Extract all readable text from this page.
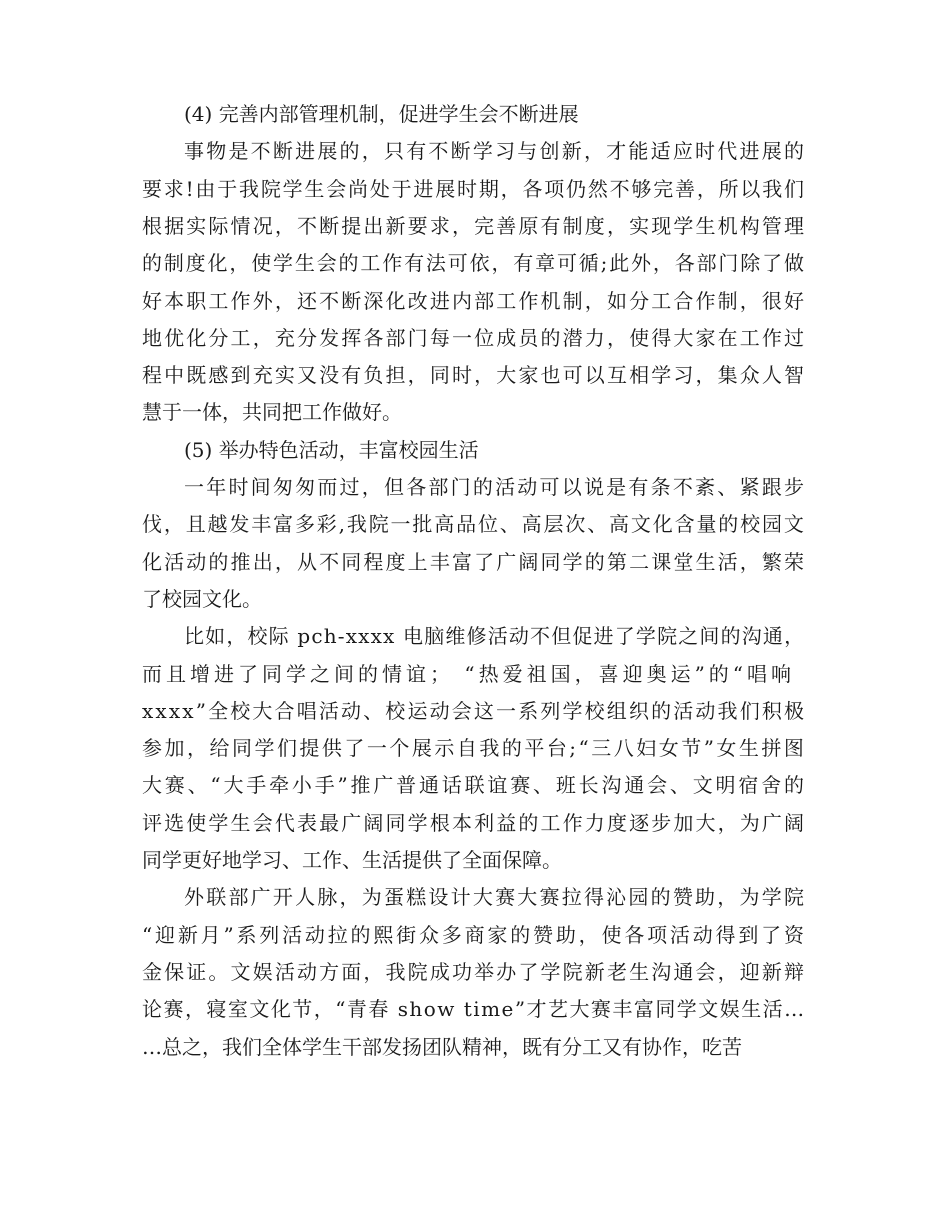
(4) 完善内部管理机制，促进学生会不断进展
事物是不断进展的，只有不断学习与创新，才能适应时代进展的
要求!由于我院学生会尚处于进展时期，各项仍然不够完善，所以我们
根据实际情况，不断提出新要求，完善原有制度，实现学生机构管理
的制度化，使学生会的工作有法可依，有章可循;此外，各部门除了做
好本职工作外，还不断深化改进内部工作机制，如分工合作制，很好
地优化分工，充分发挥各部门每一位成员的潜力，使得大家在工作过
程中既感到充实又没有负担，同时，大家也可以互相学习，集众人智
慧于一体，共同把工作做好。
(5) 举办特色活动，丰富校园生活
一年时间匆匆而过，但各部门的活动可以说是有条不紊、紧跟步
伐，且越发丰富多彩,我院一批高品位、高层次、高文化含量的校园文
化活动的推出，从不同程度上丰富了广阔同学的第二课堂生活，繁荣
了校园文化。
比如，校际 pch-xxxx 电脑维修活动不但促进了学院之间的沟通，
而且增进了同学之间的情谊； “热爱祖国，喜迎奥运”的“唱响
xxxx”全校大合唱活动、校运动会这一系列学校组织的活动我们积极
参加，给同学们提供了一个展示自我的平台;“三八妇女节”女生拼图
大赛、“大手牵小手”推广普通话联谊赛、班长沟通会、文明宿舍的
评选使学生会代表最广阔同学根本利益的工作力度逐步加大，为广阔
同学更好地学习、工作、生活提供了全面保障。
外联部广开人脉，为蛋糕设计大赛大赛拉得沁园的赞助，为学院
“迎新月”系列活动拉的熙街众多商家的赞助，使各项活动得到了资
金保证。文娱活动方面，我院成功举办了学院新老生沟通会，迎新辩
论赛，寝室文化节，“青春 show time”才艺大赛丰富同学文娱生活…
…总之，我们全体学生干部发扬团队精神，既有分工又有协作，吃苦
